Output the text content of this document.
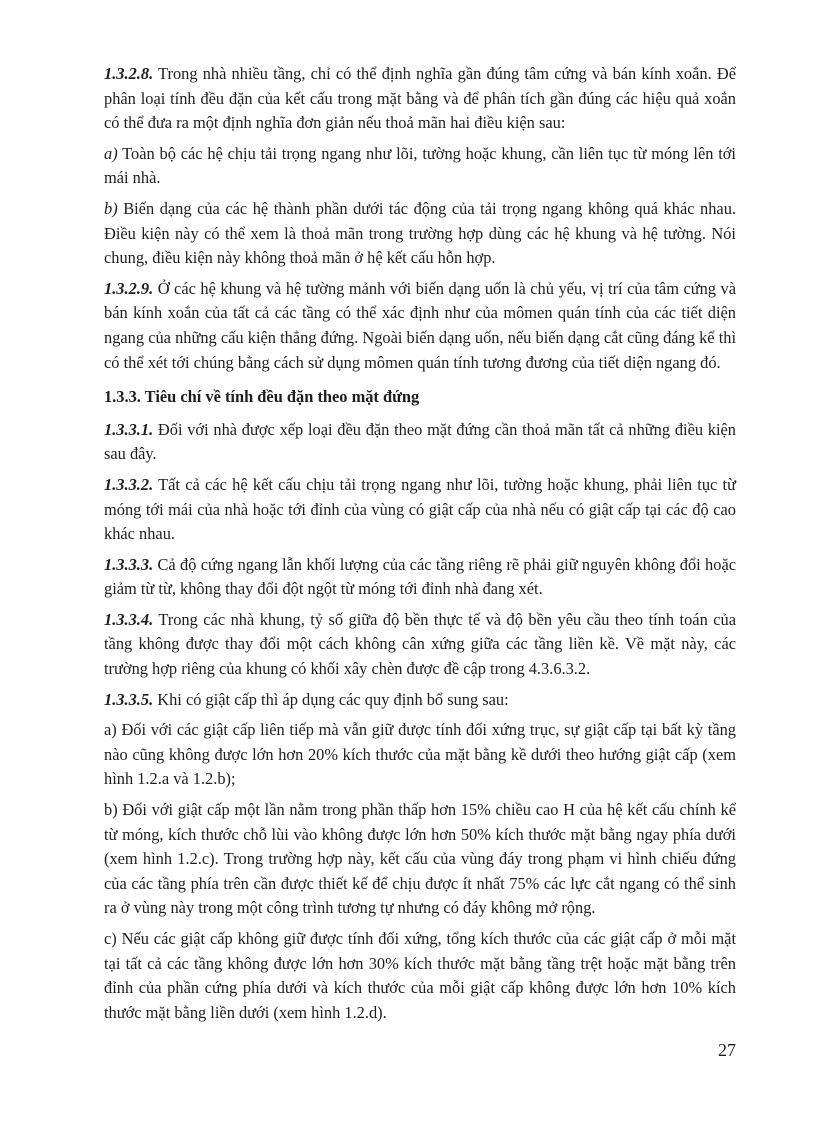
1.3.2.8. Trong nhà nhiều tầng, chỉ có thể định nghĩa gần đúng tâm cứng và bán kính xoắn. Để phân loại tính đều đặn của kết cấu trong mặt bằng và để phân tích gần đúng các hiệu quả xoắn có thể đưa ra một định nghĩa đơn giản nếu thoả mãn hai điều kiện sau:

a) Toàn bộ các hệ chịu tải trọng ngang như lõi, tường hoặc khung, cần liên tục từ móng lên tới mái nhà.

b) Biến dạng của các hệ thành phần dưới tác động của tải trọng ngang không quá khác nhau. Điều kiện này có thể xem là thoả mãn trong trường hợp dùng các hệ khung và hệ tường. Nói chung, điều kiện này không thoả mãn ở hệ kết cấu hỗn hợp.

1.3.2.9. Ở các hệ khung và hệ tường mảnh với biến dạng uốn là chủ yếu, vị trí của tâm cứng và bán kính xoắn của tất cả các tầng có thể xác định như của mômen quán tính của các tiết diện ngang của những cấu kiện thẳng đứng. Ngoài biến dạng uốn, nếu biến dạng cắt cũng đáng kể thì có thể xét tới chúng bằng cách sử dụng mômen quán tính tương đương của tiết diện ngang đó.

1.3.3. Tiêu chí về tính đều đặn theo mặt đứng

1.3.3.1. Đối với nhà được xếp loại đều đặn theo mặt đứng cần thoả mãn tất cả những điều kiện sau đây.

1.3.3.2. Tất cả các hệ kết cấu chịu tải trọng ngang như lõi, tường hoặc khung, phải liên tục từ móng tới mái của nhà hoặc tới đỉnh của vùng có giật cấp của nhà nếu có giật cấp tại các độ cao khác nhau.

1.3.3.3. Cả độ cứng ngang lẫn khối lượng của các tầng riêng rẽ phải giữ nguyên không đổi hoặc giảm từ từ, không thay đổi đột ngột từ móng tới đỉnh nhà đang xét.

1.3.3.4. Trong các nhà khung, tỷ số giữa độ bền thực tế và độ bền yêu cầu theo tính toán của tầng không được thay đổi một cách không cân xứng giữa các tầng liền kề. Về mặt này, các trường hợp riêng của khung có khối xây chèn được đề cập trong 4.3.6.3.2.

1.3.3.5. Khi có giật cấp thì áp dụng các quy định bổ sung sau:

a) Đối với các giật cấp liên tiếp mà vẫn giữ được tính đối xứng trục, sự giật cấp tại bất kỳ tầng nào cũng không được lớn hơn 20% kích thước của mặt bằng kề dưới theo hướng giật cấp (xem hình 1.2.a và 1.2.b);

b) Đối với giật cấp một lần nằm trong phần thấp hơn 15% chiều cao H của hệ kết cấu chính kể từ móng, kích thước chỗ lùi vào không được lớn hơn 50% kích thước mặt bằng ngay phía dưới (xem hình 1.2.c). Trong trường hợp này, kết cấu của vùng đáy trong phạm vi hình chiếu đứng của các tầng phía trên cần được thiết kế để chịu được ít nhất 75% các lực cắt ngang có thể sinh ra ở vùng này trong một công trình tương tự nhưng có đáy không mở rộng.

c) Nếu các giật cấp không giữ được tính đối xứng, tổng kích thước của các giật cấp ở mỗi mặt tại tất cả các tầng không được lớn hơn 30% kích thước mặt bằng tầng trệt hoặc mặt bằng trên đỉnh của phần cứng phía dưới và kích thước của mỗi giật cấp không được lớn hơn 10% kích thước mặt bằng liền dưới (xem hình 1.2.d).

27
